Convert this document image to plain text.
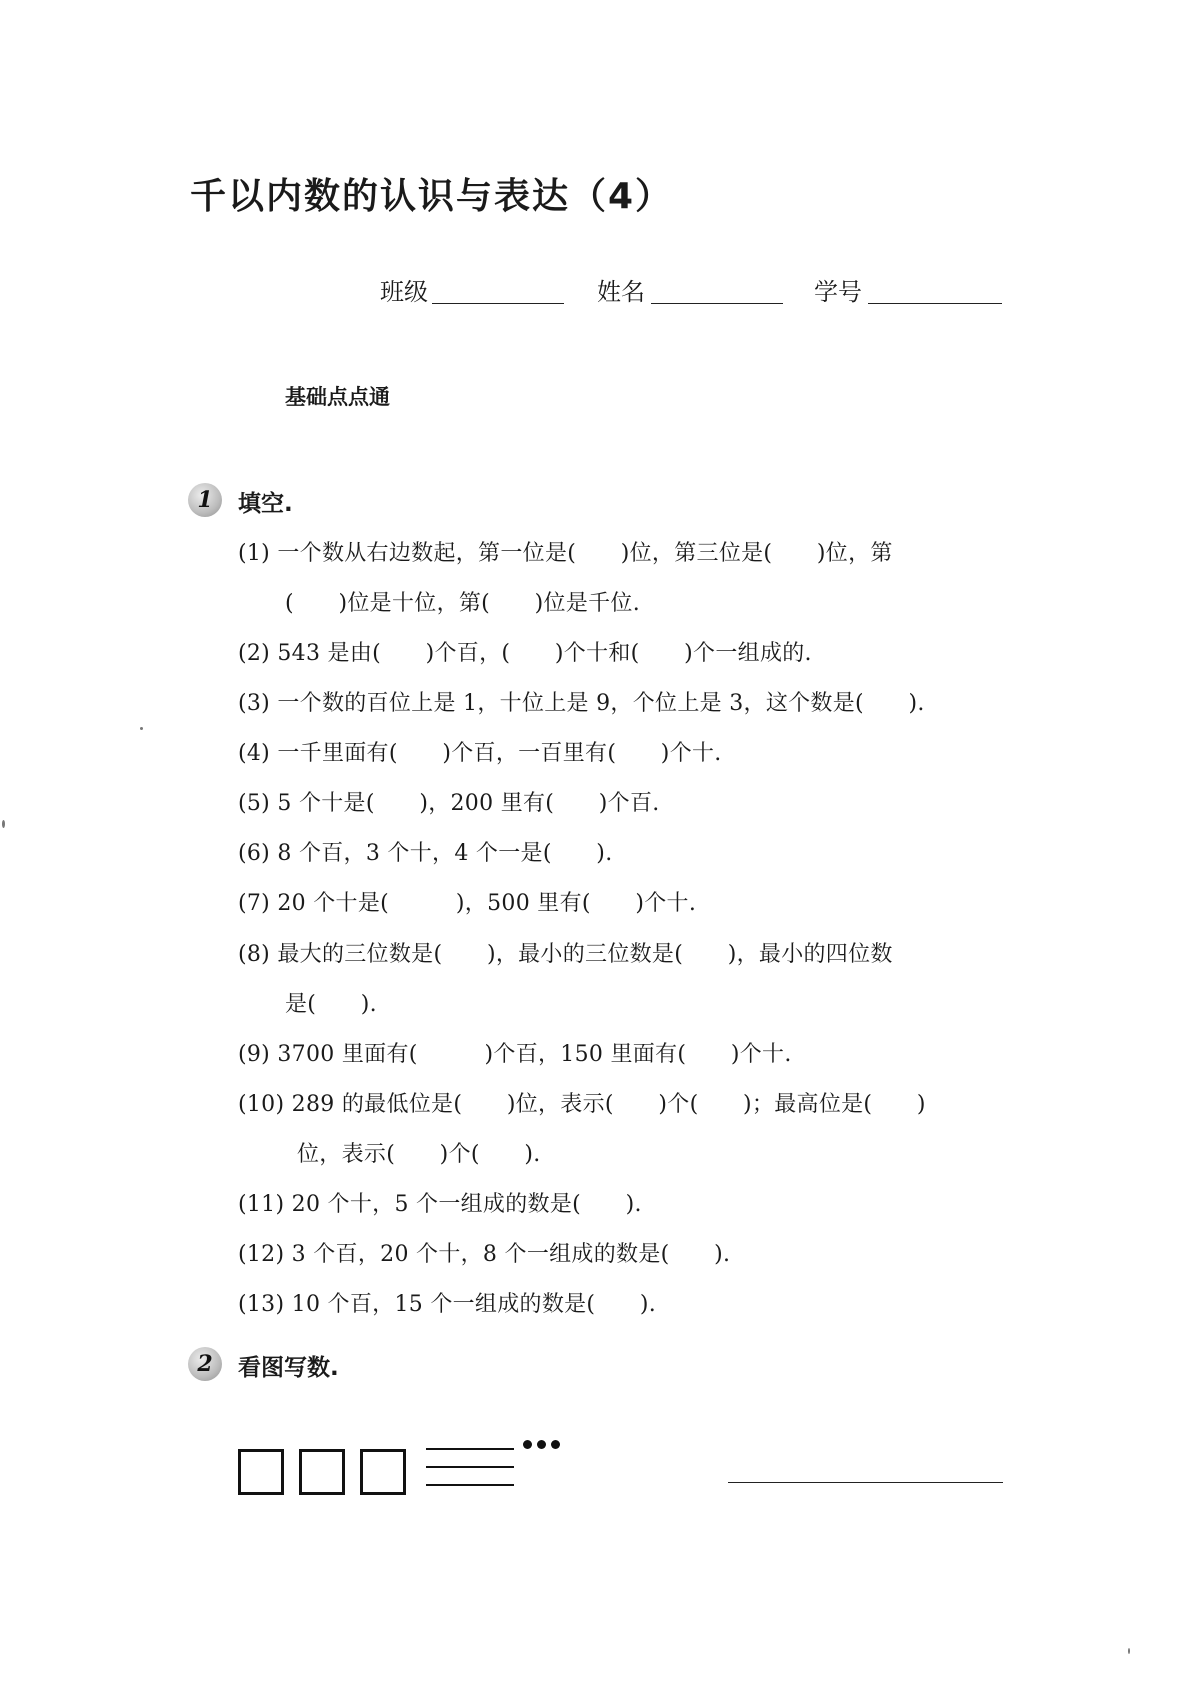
千以内数的认识与表达（4）
班级	姓名	学号
基础点点通
1	填空.
(1) 一个数从右边数起，第一位是(　　)位，第三位是(　　)位，第
(　　)位是十位，第(　　)位是千位.
(2) 543 是由(　　)个百，(　　)个十和(　　)个一组成的.
(3) 一个数的百位上是 1，十位上是 9，个位上是 3，这个数是(　　).
(4) 一千里面有(　　)个百，一百里有(　　)个十.
(5) 5 个十是(　　)，200 里有(　　)个百.
(6) 8 个百，3 个十，4 个一是(　　).
(7) 20 个十是(　　　)，500 里有(　　)个十.
(8) 最大的三位数是(　　)，最小的三位数是(　　)，最小的四位数
是(　　).
(9) 3700 里面有(　　　)个百，150 里面有(　　)个十.
(10) 289 的最低位是(　　)位，表示(　　)个(　　)；最高位是(　　)
位，表示(　　)个(　　).
(11) 20 个十，5 个一组成的数是(　　).
(12) 3 个百，20 个十，8 个一组成的数是(　　).
(13) 10 个百，15 个一组成的数是(　　).
2	看图写数.
